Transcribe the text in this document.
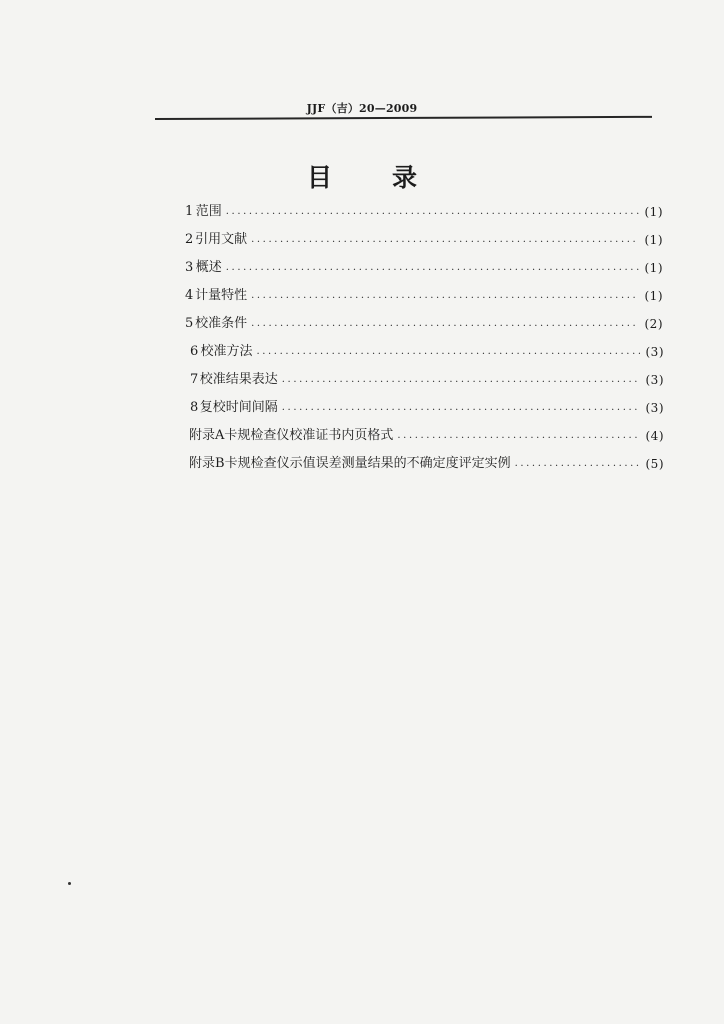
JJF（吉）20—2009
目录
1 范围 .....	(1)
2 引用文献 .....	(1)
3 概述 .....	(1)
4 计量特性 .....	(1)
5 校准条件 .....	(2)
6 校准方法 .....	(3)
7 校准结果表达 .....	(3)
8 复校时间间隔 .....	(3)
附录A 卡规检查仪校准证书内页格式 .....	(4)
附录B 卡规检查仪示值误差测量结果的不确定度评定实例 .....	(5)
